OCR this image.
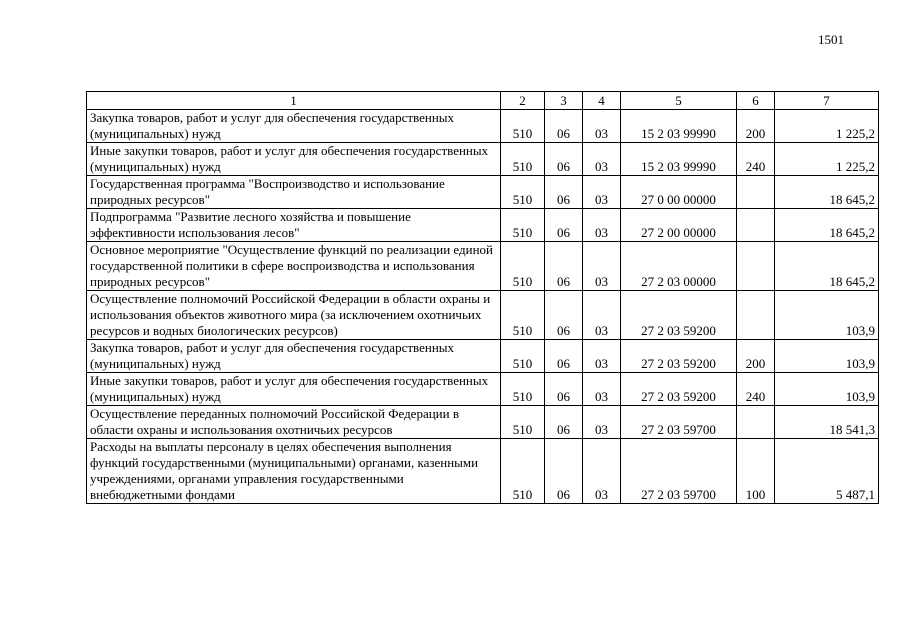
1501
1	2	3	4	5	6	7
Закупка товаров, работ и услуг для обеспечения государственных (муниципальных) нужд	510	06	03	15 2 03 99990	200	1 225,2
Иные закупки товаров, работ и услуг для обеспечения государственных (муниципальных) нужд	510	06	03	15 2 03 99990	240	1 225,2
Государственная программа "Воспроизводство и использование природных ресурсов"	510	06	03	27 0 00 00000		18 645,2
Подпрограмма "Развитие лесного хозяйства и повышение эффективности использования лесов"	510	06	03	27 2 00 00000		18 645,2
Основное мероприятие "Осуществление функций по реализации единой государственной политики в сфере воспроизводства и использования природных ресурсов"	510	06	03	27 2 03 00000		18 645,2
Осуществление полномочий Российской Федерации в области охраны и использования объектов животного мира (за исключением охотничьих ресурсов и водных биологических ресурсов)	510	06	03	27 2 03 59200		103,9
Закупка товаров, работ и услуг для обеспечения государственных (муниципальных) нужд	510	06	03	27 2 03 59200	200	103,9
Иные закупки товаров, работ и услуг для обеспечения государственных (муниципальных) нужд	510	06	03	27 2 03 59200	240	103,9
Осуществление переданных полномочий Российской Федерации в области охраны и использования охотничьих ресурсов	510	06	03	27 2 03 59700		18 541,3
Расходы на выплаты персоналу в целях обеспечения выполнения функций государственными (муниципальными) органами, казенными учреждениями, органами управления государственными внебюджетными фондами	510	06	03	27 2 03 59700	100	5 487,1
